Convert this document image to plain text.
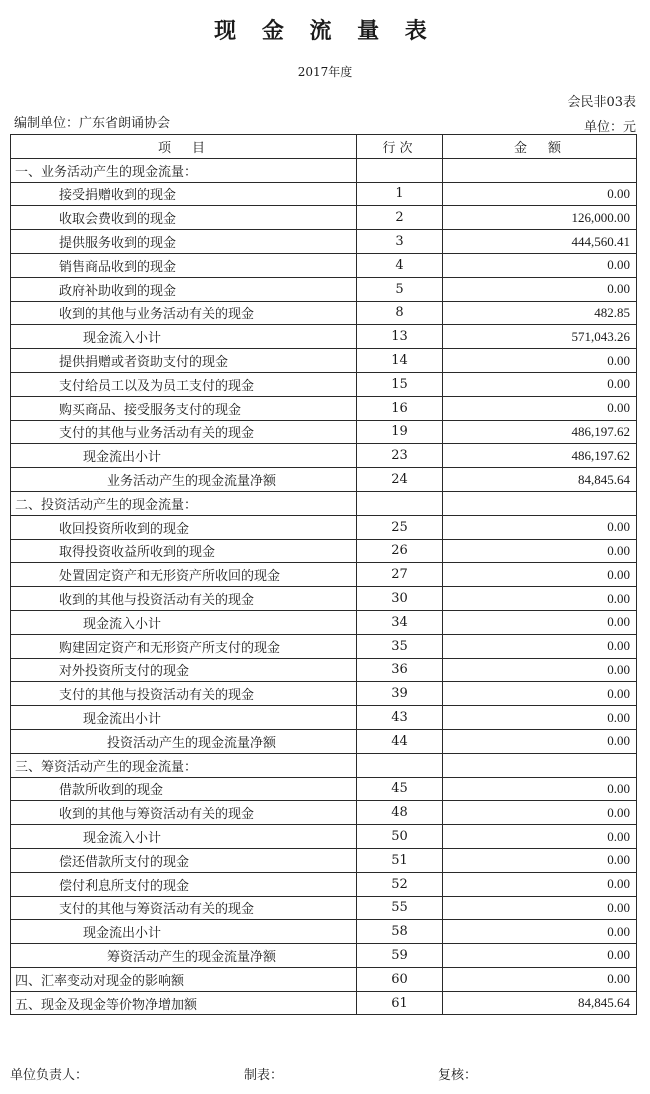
现 金 流 量 表
2017年度
会民非03表
编制单位：广东省朗诵协会	单位：元
项　目	行次	金　额
一、业务活动产生的现金流量：		
接受捐赠收到的现金	1	0.00
收取会费收到的现金	2	126,000.00
提供服务收到的现金	3	444,560.41
销售商品收到的现金	4	0.00
政府补助收到的现金	5	0.00
收到的其他与业务活动有关的现金	8	482.85
现金流入小计	13	571,043.26
提供捐赠或者资助支付的现金	14	0.00
支付给员工以及为员工支付的现金	15	0.00
购买商品、接受服务支付的现金	16	0.00
支付的其他与业务活动有关的现金	19	486,197.62
现金流出小计	23	486,197.62
业务活动产生的现金流量净额	24	84,845.64
二、投资活动产生的现金流量：		
收回投资所收到的现金	25	0.00
取得投资收益所收到的现金	26	0.00
处置固定资产和无形资产所收回的现金	27	0.00
收到的其他与投资活动有关的现金	30	0.00
现金流入小计	34	0.00
购建固定资产和无形资产所支付的现金	35	0.00
对外投资所支付的现金	36	0.00
支付的其他与投资活动有关的现金	39	0.00
现金流出小计	43	0.00
投资活动产生的现金流量净额	44	0.00
三、筹资活动产生的现金流量：		
借款所收到的现金	45	0.00
收到的其他与筹资活动有关的现金	48	0.00
现金流入小计	50	0.00
偿还借款所支付的现金	51	0.00
偿付利息所支付的现金	52	0.00
支付的其他与筹资活动有关的现金	55	0.00
现金流出小计	58	0.00
筹资活动产生的现金流量净额	59	0.00
四、汇率变动对现金的影响额	60	0.00
五、现金及现金等价物净增加额	61	84,845.64
单位负责人：	制表：	复核：
